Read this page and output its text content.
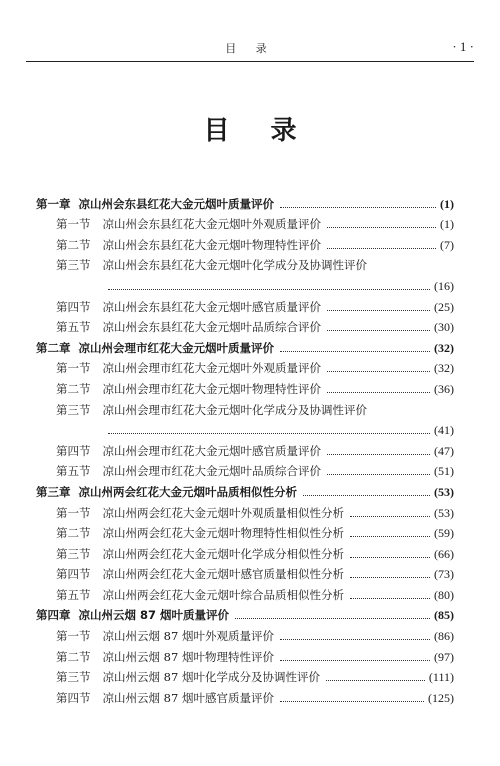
目 录	· 1 ·
目 录
第一章 凉山州会东县红花大金元烟叶质量评价	(1)
第一节 凉山州会东县红花大金元烟叶外观质量评价	(1)
第二节 凉山州会东县红花大金元烟叶物理特性评价	(7)
第三节 凉山州会东县红花大金元烟叶化学成分及协调性评价
(16)
第四节 凉山州会东县红花大金元烟叶感官质量评价	(25)
第五节 凉山州会东县红花大金元烟叶品质综合评价	(30)
第二章 凉山州会理市红花大金元烟叶质量评价	(32)
第一节 凉山州会理市红花大金元烟叶外观质量评价	(32)
第二节 凉山州会理市红花大金元烟叶物理特性评价	(36)
第三节 凉山州会理市红花大金元烟叶化学成分及协调性评价
(41)
第四节 凉山州会理市红花大金元烟叶感官质量评价	(47)
第五节 凉山州会理市红花大金元烟叶品质综合评价	(51)
第三章 凉山州两会红花大金元烟叶品质相似性分析	(53)
第一节 凉山州两会红花大金元烟叶外观质量相似性分析	(53)
第二节 凉山州两会红花大金元烟叶物理特性相似性分析	(59)
第三节 凉山州两会红花大金元烟叶化学成分相似性分析	(66)
第四节 凉山州两会红花大金元烟叶感官质量相似性分析	(73)
第五节 凉山州两会红花大金元烟叶综合品质相似性分析	(80)
第四章 凉山州云烟 87 烟叶质量评价	(85)
第一节 凉山州云烟 87 烟叶外观质量评价	(86)
第二节 凉山州云烟 87 烟叶物理特性评价	(97)
第三节 凉山州云烟 87 烟叶化学成分及协调性评价	(111)
第四节 凉山州云烟 87 烟叶感官质量评价	(125)
